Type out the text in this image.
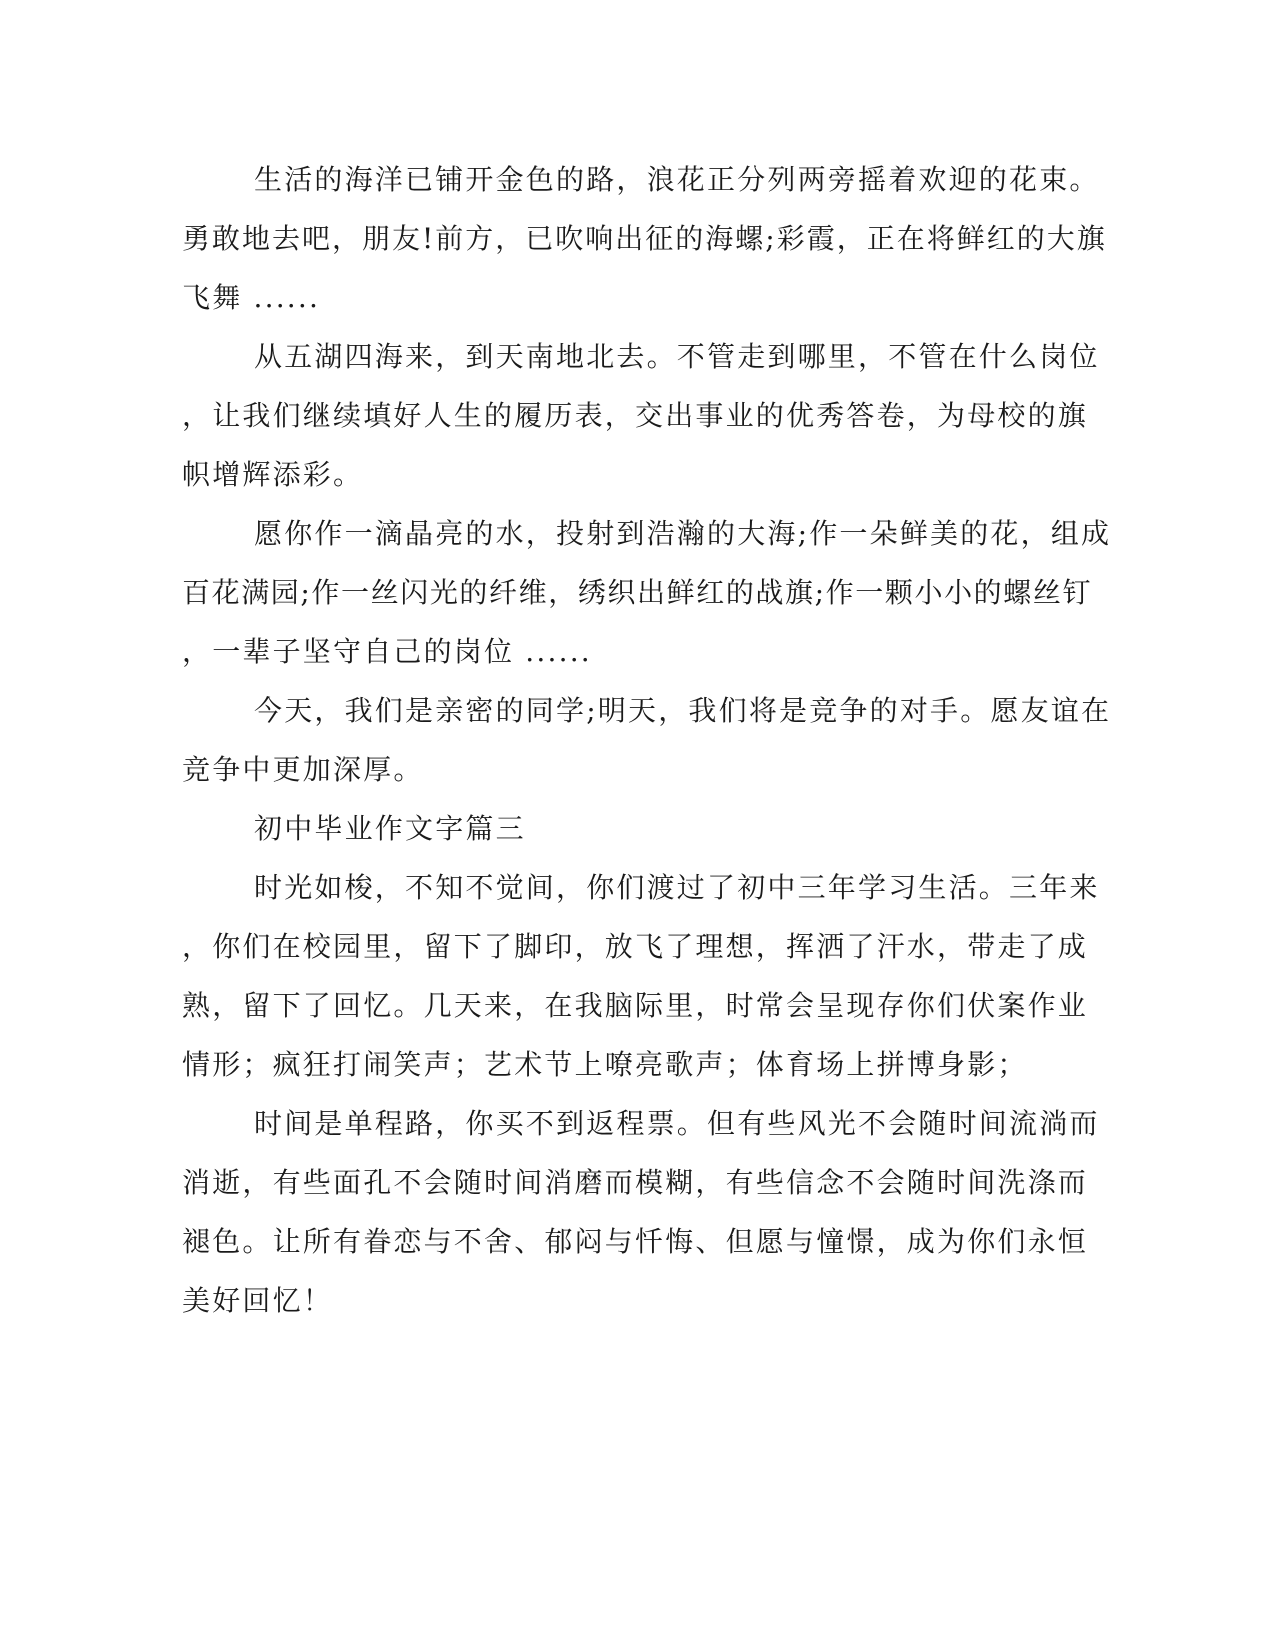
生活的海洋已铺开金色的路，浪花正分列两旁摇着欢迎的花束。
勇敢地去吧，朋友!前方，已吹响出征的海螺;彩霞，正在将鲜红的大旗
飞舞 ......
从五湖四海来，到天南地北去。不管走到哪里，不管在什么岗位
，让我们继续填好人生的履历表，交出事业的优秀答卷，为母校的旗
帜增辉添彩。
愿你作一滴晶亮的水，投射到浩瀚的大海;作一朵鲜美的花，组成
百花满园;作一丝闪光的纤维，绣织出鲜红的战旗;作一颗小小的螺丝钉
，一辈子坚守自己的岗位 ......
今天，我们是亲密的同学;明天，我们将是竞争的对手。愿友谊在
竞争中更加深厚。
初中毕业作文字篇三
时光如梭，不知不觉间，你们渡过了初中三年学习生活。三年来
，你们在校园里，留下了脚印，放飞了理想，挥洒了汗水，带走了成
熟，留下了回忆。几天来，在我脑际里，时常会呈现存你们伏案作业
情形；疯狂打闹笑声；艺术节上嘹亮歌声；体育场上拼博身影；
时间是单程路，你买不到返程票。但有些风光不会随时间流淌而
消逝，有些面孔不会随时间消磨而模糊，有些信念不会随时间洗涤而
褪色。让所有眷恋与不舍、郁闷与忏悔、但愿与憧憬，成为你们永恒
美好回忆！
